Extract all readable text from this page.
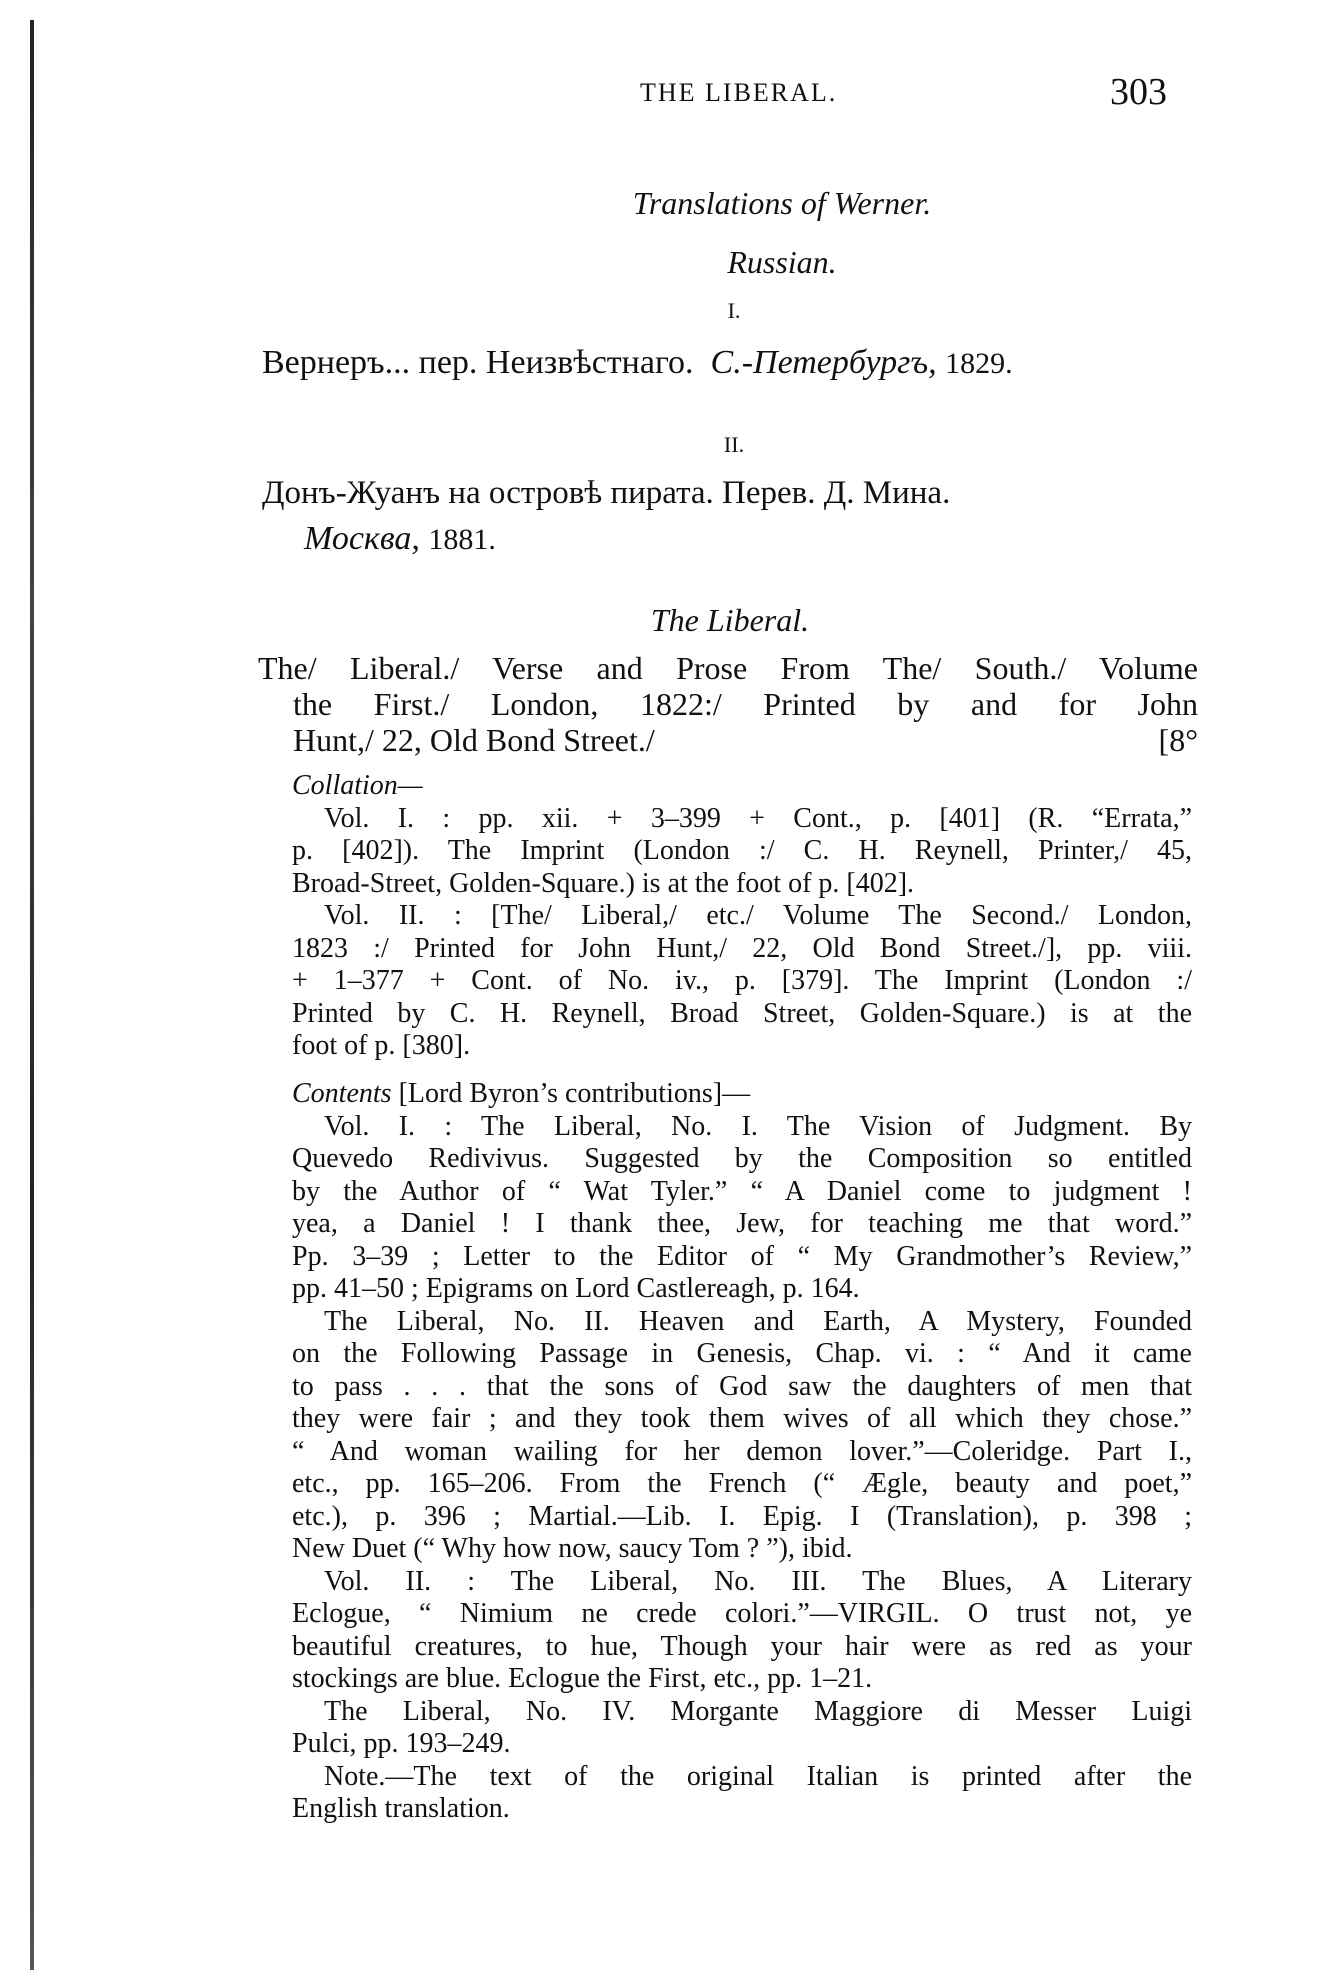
THE LIBERAL.	303
Translations of Werner.
Russian.
I.
Вернеръ... пер. Неизвѣстнаго. С.-Петербургъ, 1829.
II.
Донъ-Жуанъ на островѣ пирата. Перев. Д. Мина.
Москва, 1881.
The Liberal.
The/ Liberal./ Verse and Prose From The/ South./ Volume
the First./ London, 1822:/ Printed by and for John
Hunt,/ 22, Old Bond Street./	[8°
Collation—
Vol. I. : pp. xii. + 3–399 + Cont., p. [401] (R. “Errata,”
p. [402]). The Imprint (London :/ C. H. Reynell, Printer,/ 45,
Broad-Street, Golden-Square.) is at the foot of p. [402].
Vol. II. : [The/ Liberal,/ etc./ Volume The Second./ London,
1823 :/ Printed for John Hunt,/ 22, Old Bond Street./], pp. viii.
+ 1–377 + Cont. of No. iv., p. [379]. The Imprint (London :/
Printed by C. H. Reynell, Broad Street, Golden-Square.) is at the
foot of p. [380].
Contents [Lord Byron’s contributions]—
Vol. I. : The Liberal, No. I. The Vision of Judgment. By
Quevedo Redivivus. Suggested by the Composition so entitled
by the Author of “ Wat Tyler.” “ A Daniel come to judgment !
yea, a Daniel ! I thank thee, Jew, for teaching me that word.”
Pp. 3–39 ; Letter to the Editor of “ My Grandmother’s Review,”
pp. 41–50 ; Epigrams on Lord Castlereagh, p. 164.
The Liberal, No. II. Heaven and Earth, A Mystery, Founded
on the Following Passage in Genesis, Chap. vi. : “ And it came
to pass . . . that the sons of God saw the daughters of men that
they were fair ; and they took them wives of all which they chose.”
“ And woman wailing for her demon lover.”—Coleridge. Part I.,
etc., pp. 165–206. From the French (“ Ægle, beauty and poet,”
etc.), p. 396 ; Martial.—Lib. I. Epig. I (Translation), p. 398 ;
New Duet (“ Why how now, saucy Tom ? ”), ibid.
Vol. II. : The Liberal, No. III. The Blues, A Literary
Eclogue, “ Nimium ne crede colori.”—VIRGIL. O trust not, ye
beautiful creatures, to hue, Though your hair were as red as your
stockings are blue. Eclogue the First, etc., pp. 1–21.
The Liberal, No. IV. Morgante Maggiore di Messer Luigi
Pulci, pp. 193–249.
Note.—The text of the original Italian is printed after the
English translation.
